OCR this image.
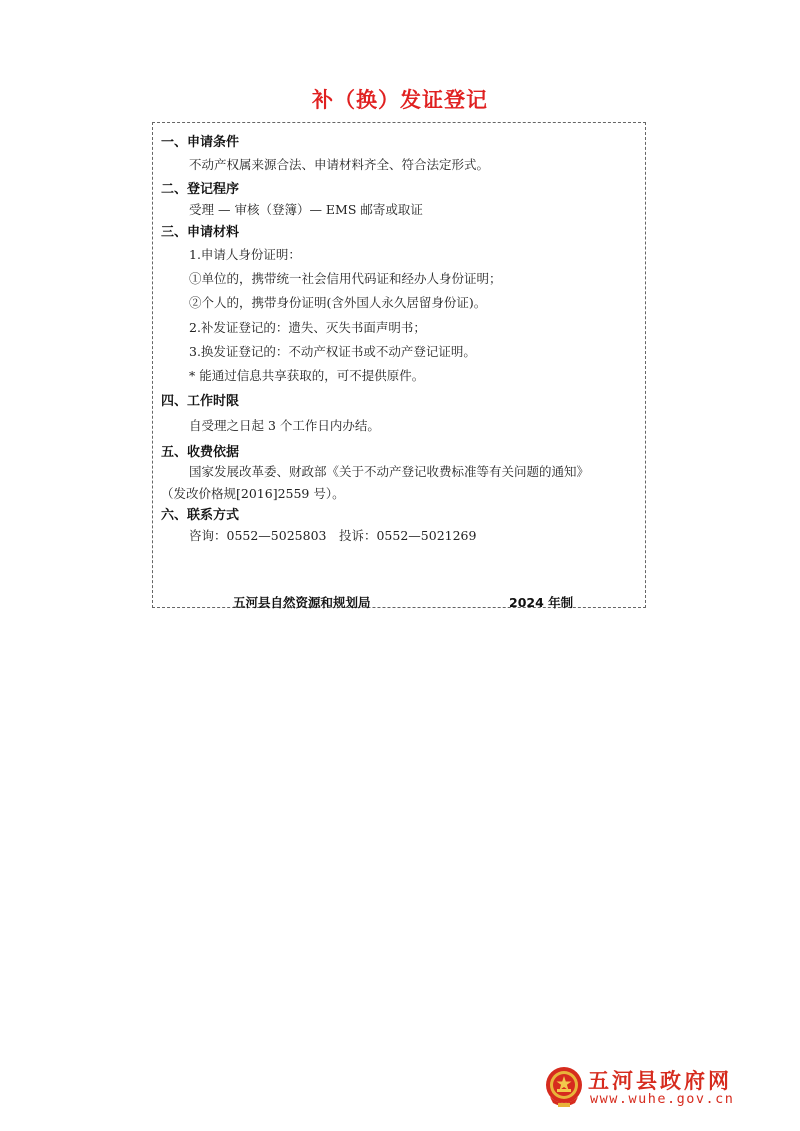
补（换）发证登记
一、申请条件
不动产权属来源合法、申请材料齐全、符合法定形式。
二、登记程序
受理 — 审核（登簿）— EMS 邮寄或取证
三、申请材料
1.申请人身份证明：
①单位的，携带统一社会信用代码证和经办人身份证明；
②个人的，携带身份证明(含外国人永久居留身份证)。
2.补发证登记的：遗失、灭失书面声明书；
3.换发证登记的：不动产权证书或不动产登记证明。
* 能通过信息共享获取的，可不提供原件。
四、工作时限
自受理之日起 3 个工作日内办结。
五、收费依据
国家发展改革委、财政部《关于不动产登记收费标准等有关问题的通知》
（发改价格规[2016]2559 号）。
六、联系方式
咨询：0552—5025803　投诉：0552—5021269
五河县自然资源和规划局	2024 年制
五河县政府网
www.wuhe.gov.cn
